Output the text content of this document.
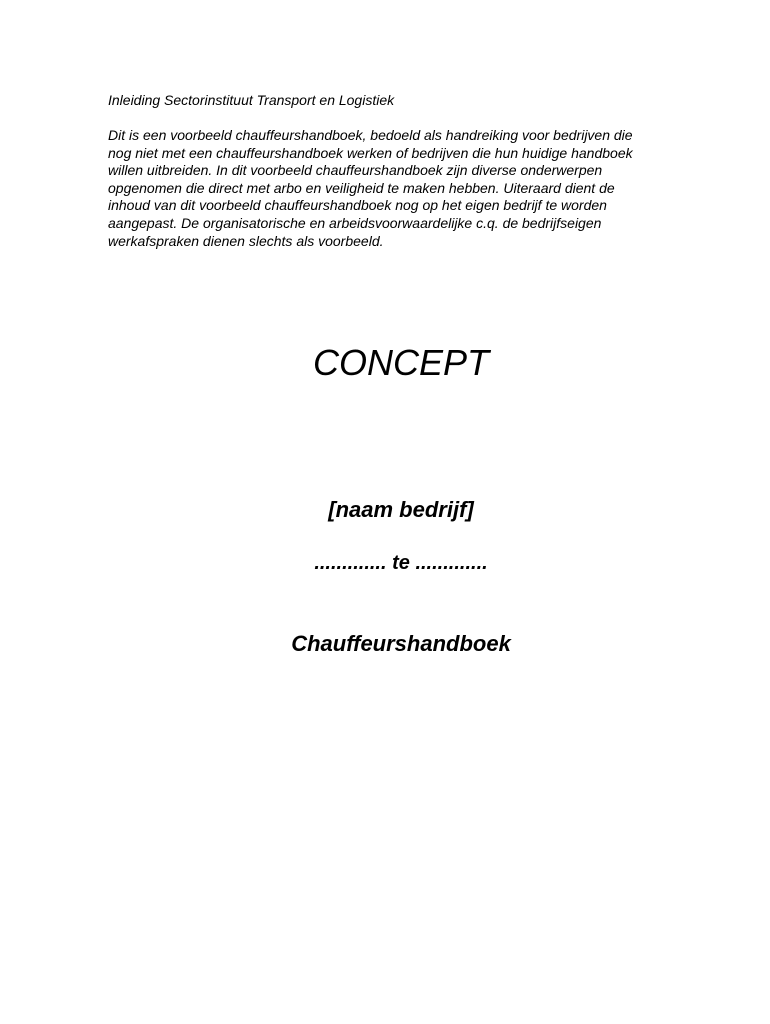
Inleiding Sectorinstituut Transport en Logistiek
Dit is een voorbeeld chauffeurshandboek, bedoeld als handreiking voor bedrijven die
nog niet met een chauffeurshandboek werken of bedrijven die hun huidige handboek
willen uitbreiden. In dit voorbeeld chauffeurshandboek zijn diverse onderwerpen
opgenomen die direct met arbo en veiligheid te maken hebben. Uiteraard dient de
inhoud van dit voorbeeld chauffeurshandboek nog op het eigen bedrijf te worden
aangepast. De organisatorische en arbeidsvoorwaardelijke c.q. de bedrijfseigen
werkafspraken dienen slechts als voorbeeld.
CONCEPT
[naam bedrijf]
............. te .............
Chauffeurshandboek
